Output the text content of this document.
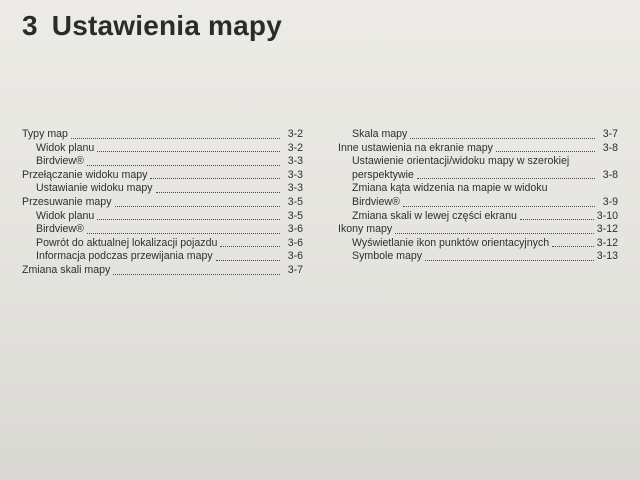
3 Ustawienia mapy
Typy map	3-2
Widok planu	3-2
Birdview®	3-3
Przełączanie widoku mapy	3-3
Ustawianie widoku mapy	3-3
Przesuwanie mapy	3-5
Widok planu	3-5
Birdview®	3-6
Powrót do aktualnej lokalizacji pojazdu	3-6
Informacja podczas przewijania mapy	3-6
Zmiana skali mapy	3-7
Skala mapy	3-7
Inne ustawienia na ekranie mapy	3-8
Ustawienie orientacji/widoku mapy w szerokiej
perspektywie	3-8
Zmiana kąta widzenia na mapie w widoku
Birdview®	3-9
Zmiana skali w lewej części ekranu	3-10
Ikony mapy	3-12
Wyświetlanie ikon punktów orientacyjnych	3-12
Symbole mapy	3-13
